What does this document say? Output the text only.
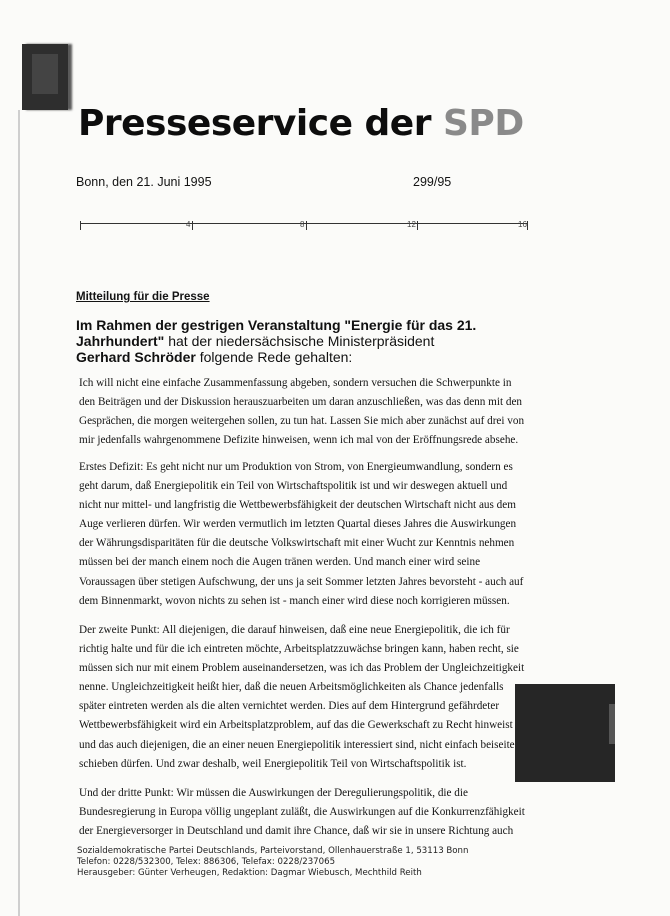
Presseservice der SPD
Bonn, den 21. Juni 1995	299/95
4	8	12	16
Mitteilung für die Presse

Im Rahmen der gestrigen Veranstaltung "Energie für das 21.

Jahrhundert" hat der niedersächsische Ministerpräsident

Gerhard Schröder folgende Rede gehalten:

Ich will nicht eine einfache Zusammenfassung abgeben, sondern versuchen die Schwerpunkte in
den Beiträgen und der Diskussion herauszuarbeiten um daran anzuschließen, was das denn mit den
Gesprächen, die morgen weitergehen sollen, zu tun hat. Lassen Sie mich aber zunächst auf drei von
mir jedenfalls wahrgenommene Defizite hinweisen, wenn ich mal von der Eröffnungsrede absehe.
Erstes Defizit: Es geht nicht nur um Produktion von Strom, von Energieumwandlung, sondern es
geht darum, daß Energiepolitik ein Teil von Wirtschaftspolitik ist und wir deswegen aktuell und
nicht nur mittel- und langfristig die Wettbewerbsfähigkeit der deutschen Wirtschaft nicht aus dem
Auge verlieren dürfen. Wir werden vermutlich im letzten Quartal dieses Jahres die Auswirkungen
der Währungsdisparitäten für die deutsche Volkswirtschaft mit einer Wucht zur Kenntnis nehmen
müssen bei der manch einem noch die Augen tränen werden. Und manch einer wird seine
Voraussagen über stetigen Aufschwung, der uns ja seit Sommer letzten Jahres bevorsteht - auch auf
dem Binnenmarkt, wovon nichts zu sehen ist - manch einer wird diese noch korrigieren müssen.
Der zweite Punkt: All diejenigen, die darauf hinweisen, daß eine neue Energiepolitik, die ich für
richtig halte und für die ich eintreten möchte, Arbeitsplatzzuwächse bringen kann, haben recht, sie
müssen sich nur mit einem Problem auseinandersetzen, was ich das Problem der Ungleichzeitigkeit
nenne. Ungleichzeitigkeit heißt hier, daß die neuen Arbeitsmöglichkeiten als Chance jedenfalls
später eintreten werden als die alten vernichtet werden. Dies auf dem Hintergrund gefährdeter
Wettbewerbsfähigkeit wird ein Arbeitsplatzproblem, auf das die Gewerkschaft zu Recht hinweist
und das auch diejenigen, die an einer neuen Energiepolitik interessiert sind, nicht einfach beiseite
schieben dürfen. Und zwar deshalb, weil Energiepolitik Teil von Wirtschaftspolitik ist.
Und der dritte Punkt: Wir müssen die Auswirkungen der Deregulierungspolitik, die die
Bundesregierung in Europa völlig ungeplant zuläßt, die Auswirkungen auf die Konkurrenzfähigkeit
der Energieversorger in Deutschland und damit ihre Chance, daß wir sie in unsere Richtung auch
Sozialdemokratische Partei Deutschlands, Parteivorstand, Ollenhauerstraße 1, 53113 Bonn
Telefon: 0228/532300, Telex: 886306, Telefax: 0228/237065
Herausgeber: Günter Verheugen, Redaktion: Dagmar Wiebusch, Mechthild Reith
